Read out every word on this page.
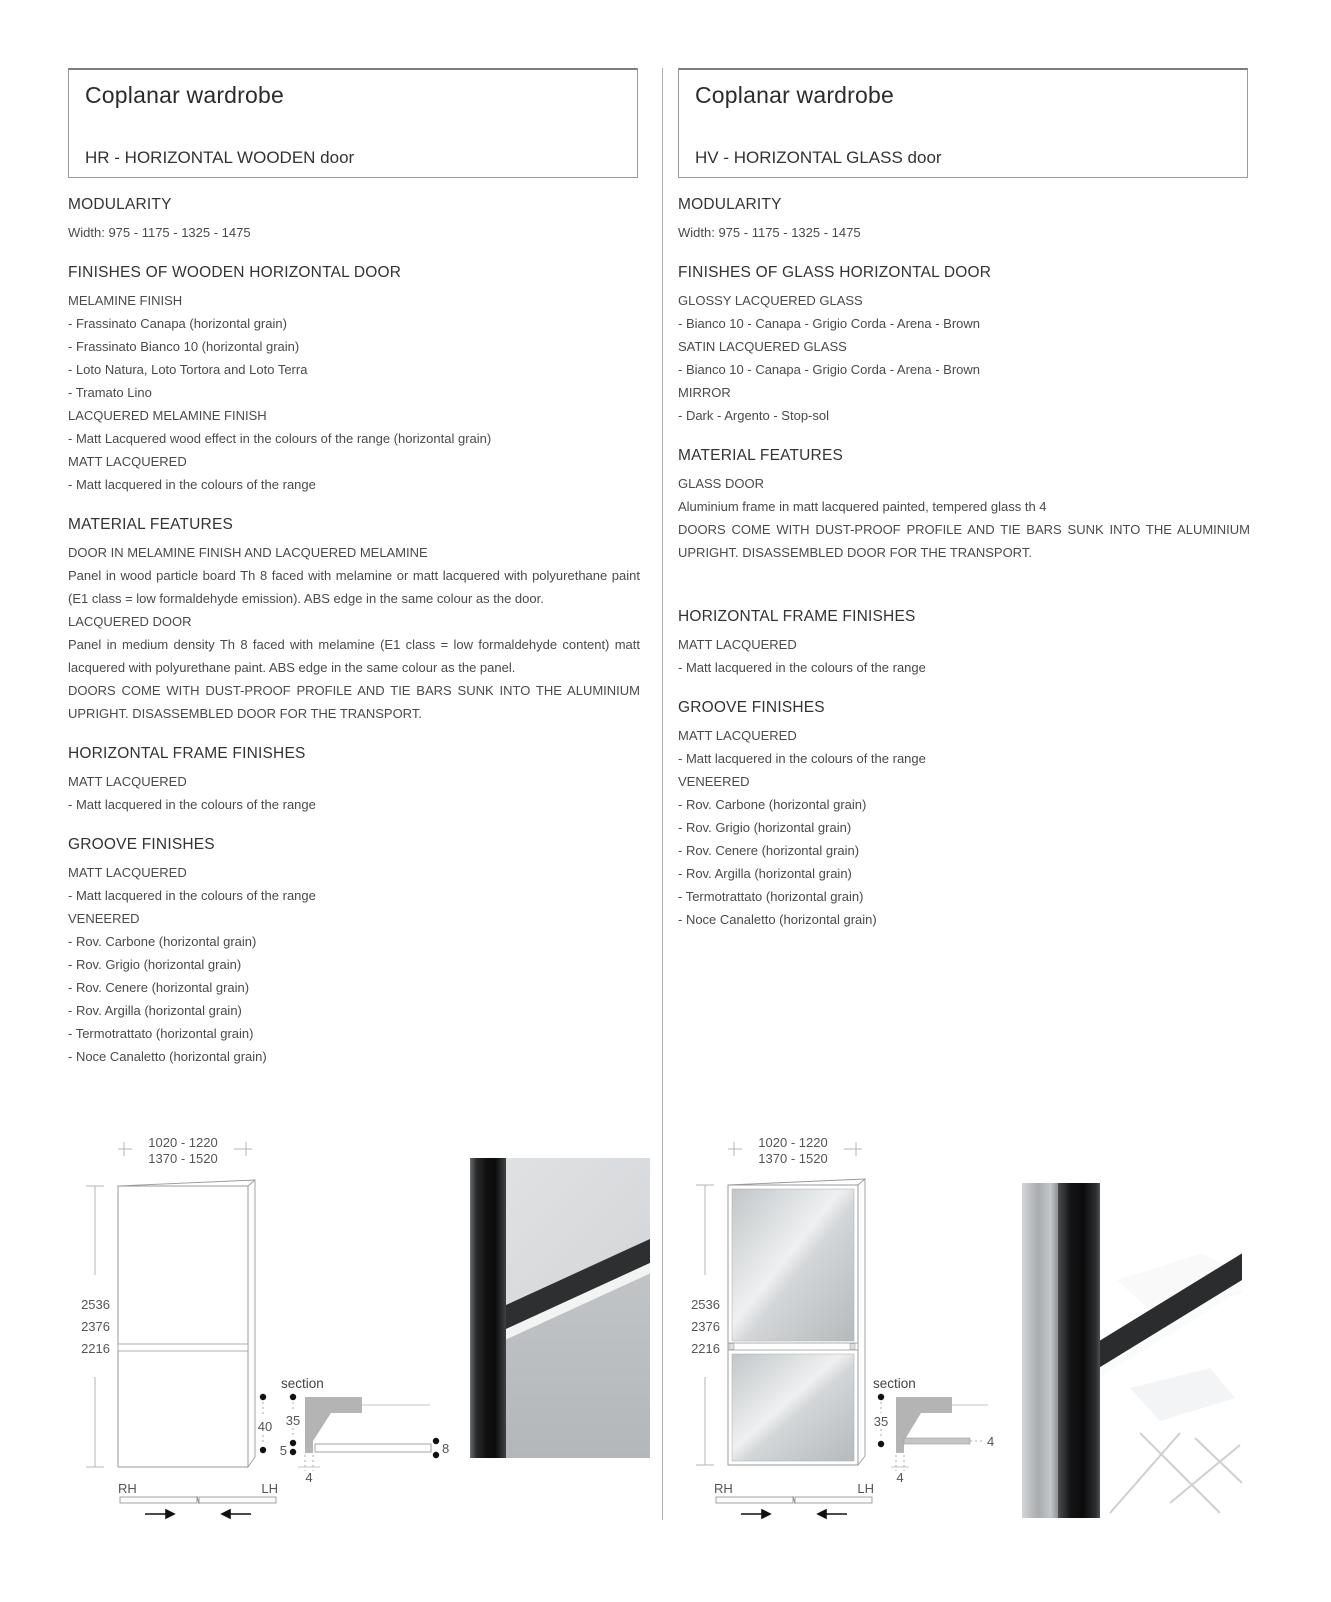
Coplanar wardrobe
HR - HORIZONTAL WOODEN door
MODULARITY
Width: 975 - 1175 - 1325 - 1475
FINISHES OF WOODEN HORIZONTAL DOOR
MELAMINE FINISH
- Frassinato Canapa (horizontal grain)
- Frassinato Bianco 10 (horizontal grain)
- Loto Natura, Loto Tortora and Loto Terra
- Tramato Lino
LACQUERED MELAMINE FINISH
- Matt Lacquered wood effect in the colours of the range (horizontal grain)
MATT LACQUERED
- Matt lacquered in the colours of the range
MATERIAL FEATURES
DOOR IN MELAMINE FINISH AND LACQUERED MELAMINE
Panel in wood particle board Th 8 faced with melamine or matt lacquered with polyurethane paint (E1 class = low formaldehyde emission). ABS edge in the same colour as the door.
LACQUERED DOOR
Panel in medium density Th 8 faced with melamine (E1 class = low formaldehyde content) matt lacquered with polyurethane paint. ABS edge in the same colour as the panel.
DOORS COME WITH DUST-PROOF PROFILE AND TIE BARS SUNK INTO THE ALUMINIUM UPRIGHT. DISASSEMBLED DOOR FOR THE TRANSPORT.
HORIZONTAL FRAME FINISHES
MATT LACQUERED
- Matt lacquered in the colours of the range
GROOVE FINISHES
MATT LACQUERED
- Matt lacquered in the colours of the range
VENEERED
- Rov. Carbone (horizontal grain)
- Rov. Grigio (horizontal grain)
- Rov. Cenere (horizontal grain)
- Rov. Argilla (horizontal grain)
- Termotrattato (horizontal grain)
- Noce Canaletto (horizontal grain)
1020 - 1220
1370 - 1520
2536
2376
2216
section
40 35
5	8
4
RH	LH
Coplanar wardrobe
HV - HORIZONTAL GLASS door
MODULARITY
Width: 975 - 1175 - 1325 - 1475
FINISHES OF GLASS HORIZONTAL DOOR
GLOSSY LACQUERED GLASS
- Bianco 10 - Canapa - Grigio Corda - Arena - Brown
SATIN LACQUERED GLASS
- Bianco 10 - Canapa - Grigio Corda - Arena - Brown
MIRROR
- Dark - Argento - Stop-sol
MATERIAL FEATURES
GLASS DOOR
Aluminium frame in matt lacquered painted, tempered glass th 4
DOORS COME WITH DUST-PROOF PROFILE AND TIE BARS SUNK INTO THE ALUMINIUM UPRIGHT. DISASSEMBLED DOOR FOR THE TRANSPORT.
HORIZONTAL FRAME FINISHES
MATT LACQUERED
- Matt lacquered in the colours of the range
GROOVE FINISHES
MATT LACQUERED
- Matt lacquered in the colours of the range
VENEERED
- Rov. Carbone (horizontal grain)
- Rov. Grigio (horizontal grain)
- Rov. Cenere (horizontal grain)
- Rov. Argilla (horizontal grain)
- Termotrattato (horizontal grain)
- Noce Canaletto (horizontal grain)
1020 - 1220
1370 - 1520
2536
2376
2216
section
35
4
4
RH	LH
